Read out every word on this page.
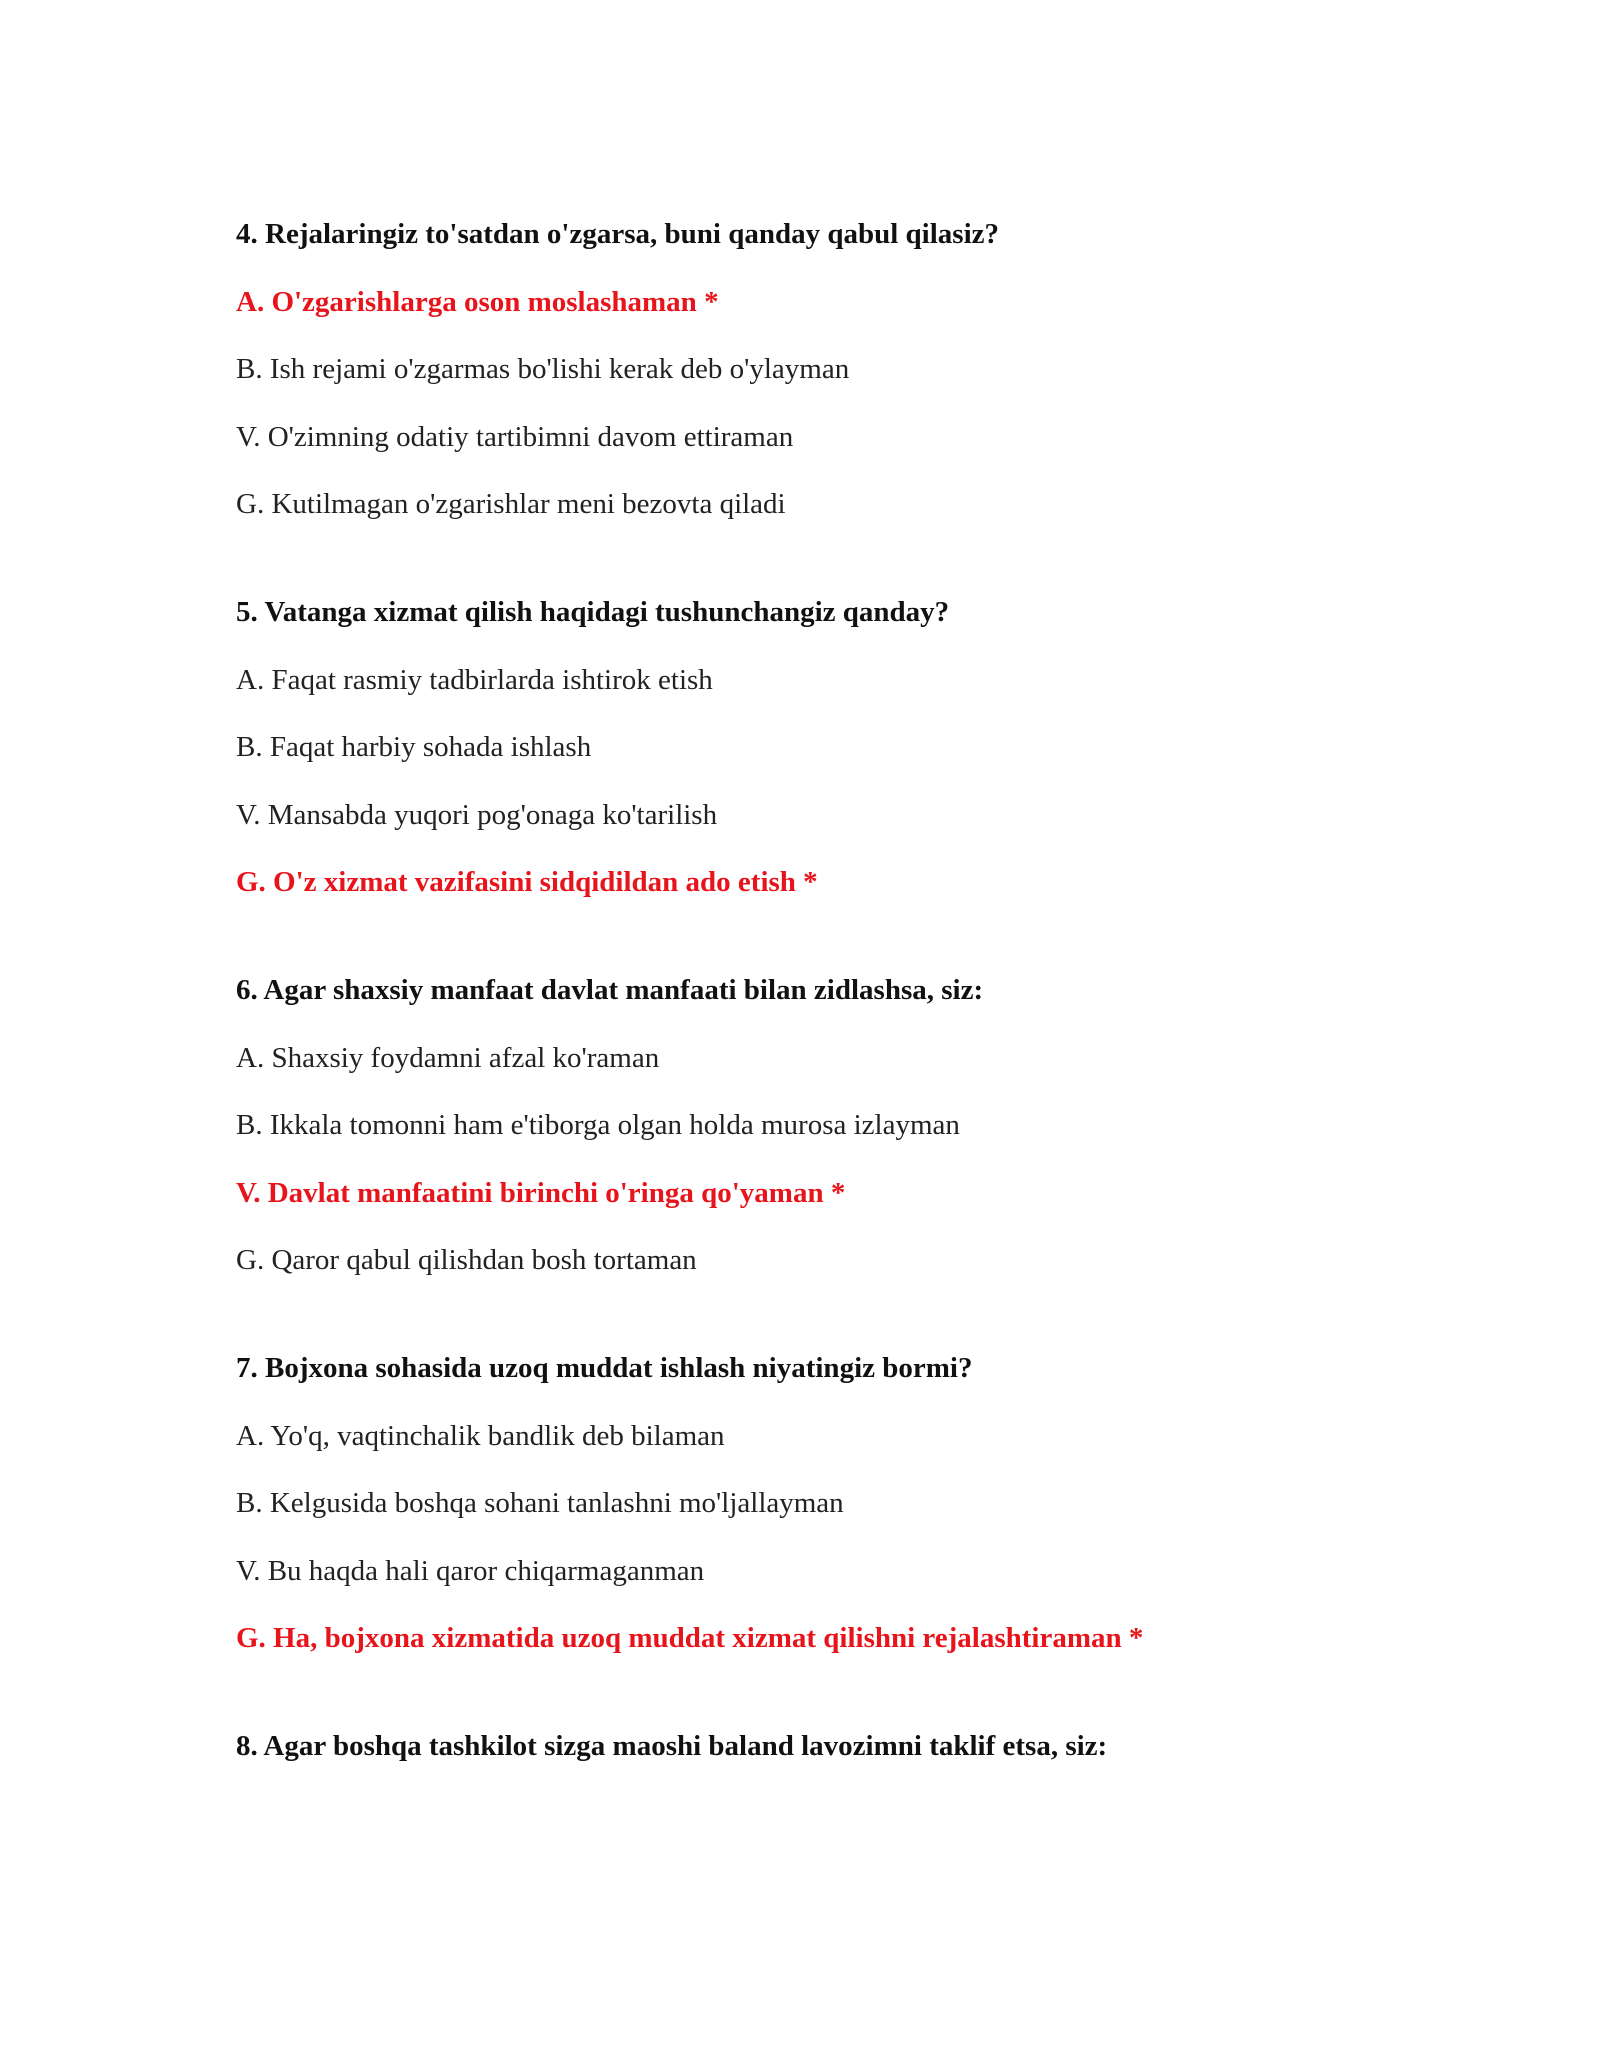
4. Rejalaringiz to'satdan o'zgarsa, buni qanday qabul qilasiz?
A. O'zgarishlarga oson moslashaman *
B. Ish rejami o'zgarmas bo'lishi kerak deb o'ylayman
V. O'zimning odatiy tartibimni davom ettiraman
G. Kutilmagan o'zgarishlar meni bezovta qiladi
5. Vatanga xizmat qilish haqidagi tushunchangiz qanday?
A. Faqat rasmiy tadbirlarda ishtirok etish
B. Faqat harbiy sohada ishlash
V. Mansabda yuqori pog'onaga ko'tarilish
G. O'z xizmat vazifasini sidqidildan ado etish *
6. Agar shaxsiy manfaat davlat manfaati bilan zidlashsa, siz:
A. Shaxsiy foydamni afzal ko'raman
B. Ikkala tomonni ham e'tiborga olgan holda murosa izlayman
V. Davlat manfaatini birinchi o'ringa qo'yaman *
G. Qaror qabul qilishdan bosh tortaman
7. Bojxona sohasida uzoq muddat ishlash niyatingiz bormi?
A. Yo'q, vaqtinchalik bandlik deb bilaman
B. Kelgusida boshqa sohani tanlashni mo'ljallayman
V. Bu haqda hali qaror chiqarmaganman
G. Ha, bojxona xizmatida uzoq muddat xizmat qilishni rejalashtiraman *
8. Agar boshqa tashkilot sizga maoshi baland lavozimni taklif etsa, siz:
